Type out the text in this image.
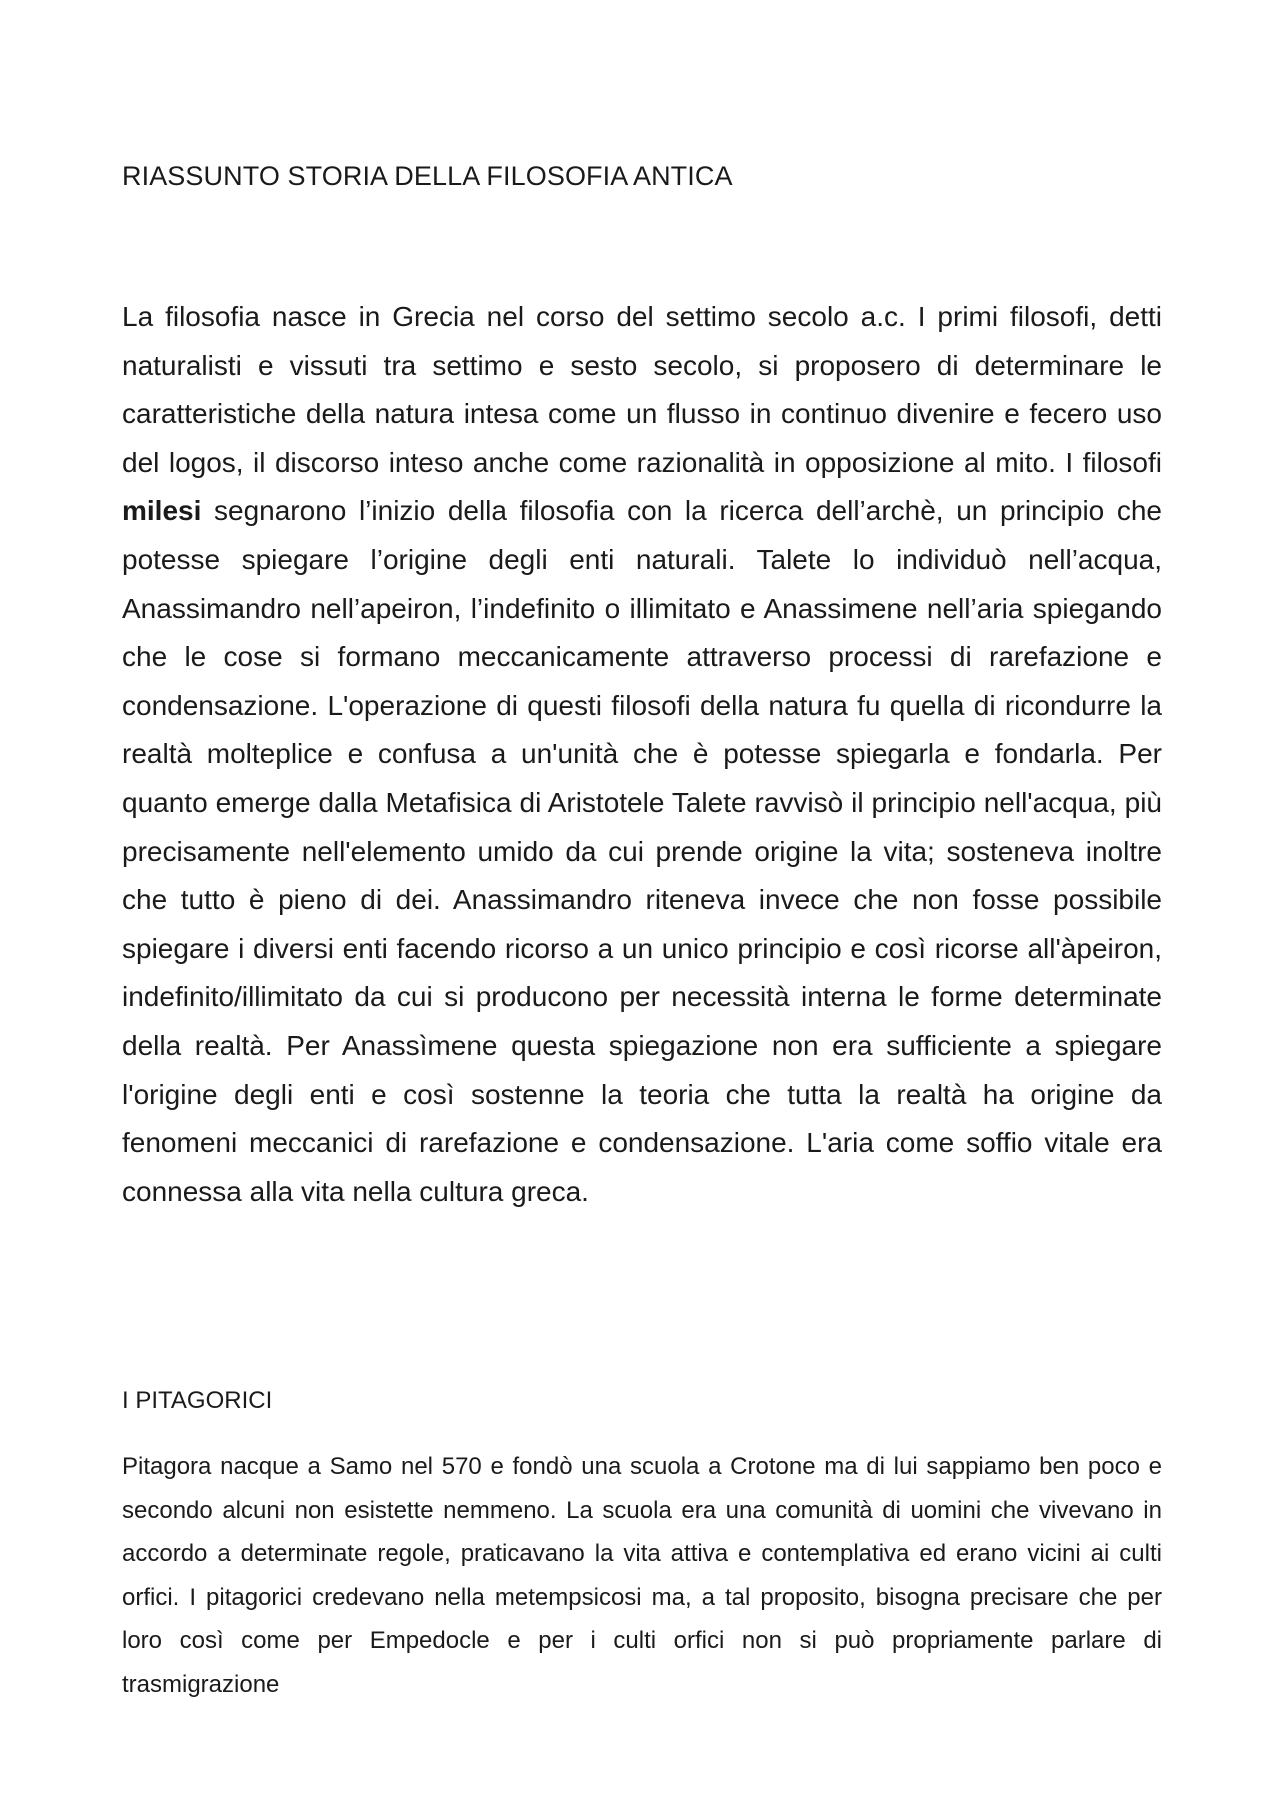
RIASSUNTO STORIA DELLA FILOSOFIA ANTICA

La filosofia nasce in Grecia nel corso del settimo secolo a.c. I primi filosofi, detti naturalisti e vissuti tra settimo e sesto secolo, si proposero di determinare le caratteristiche della natura intesa come un flusso in continuo divenire e fecero uso del logos, il discorso inteso anche come razionalità in opposizione al mito. I filosofi milesi segnarono l’inizio della filosofia con la ricerca dell’archè, un principio che potesse spiegare l’origine degli enti naturali. Talete lo individuò nell’acqua, Anassimandro nell’apeiron, l’indefinito o illimitato e Anassimene nell’aria spiegando che le cose si formano meccanicamente attraverso processi di rarefazione e condensazione. L'operazione di questi filosofi della natura fu quella di ricondurre la realtà molteplice e confusa a un'unità che è potesse spiegarla e fondarla. Per quanto emerge dalla Metafisica di Aristotele Talete ravvisò il principio nell'acqua, più precisamente nell'elemento umido da cui prende origine la vita; sosteneva inoltre che tutto è pieno di dei. Anassimandro riteneva invece che non fosse possibile spiegare i diversi enti facendo ricorso a un unico principio e così ricorse all'àpeiron, indefinito/illimitato da cui si producono per necessità interna le forme determinate della realtà. Per Anassìmene questa spiegazione non era sufficiente a spiegare l'origine degli enti e così sostenne la teoria che tutta la realtà ha origine da fenomeni meccanici di rarefazione e condensazione. L'aria come soffio vitale era connessa alla vita nella cultura greca.

I PITAGORICI

Pitagora nacque a Samo nel 570 e fondò una scuola a Crotone ma di lui sappiamo ben poco e secondo alcuni non esistette nemmeno. La scuola era una comunità di uomini che vivevano in accordo a determinate regole, praticavano la vita attiva e contemplativa ed erano vicini ai culti orfici. I pitagorici credevano nella metempsicosi ma, a tal proposito, bisogna precisare che per loro così come per Empedocle e per i culti orfici non si può propriamente parlare di trasmigrazione
